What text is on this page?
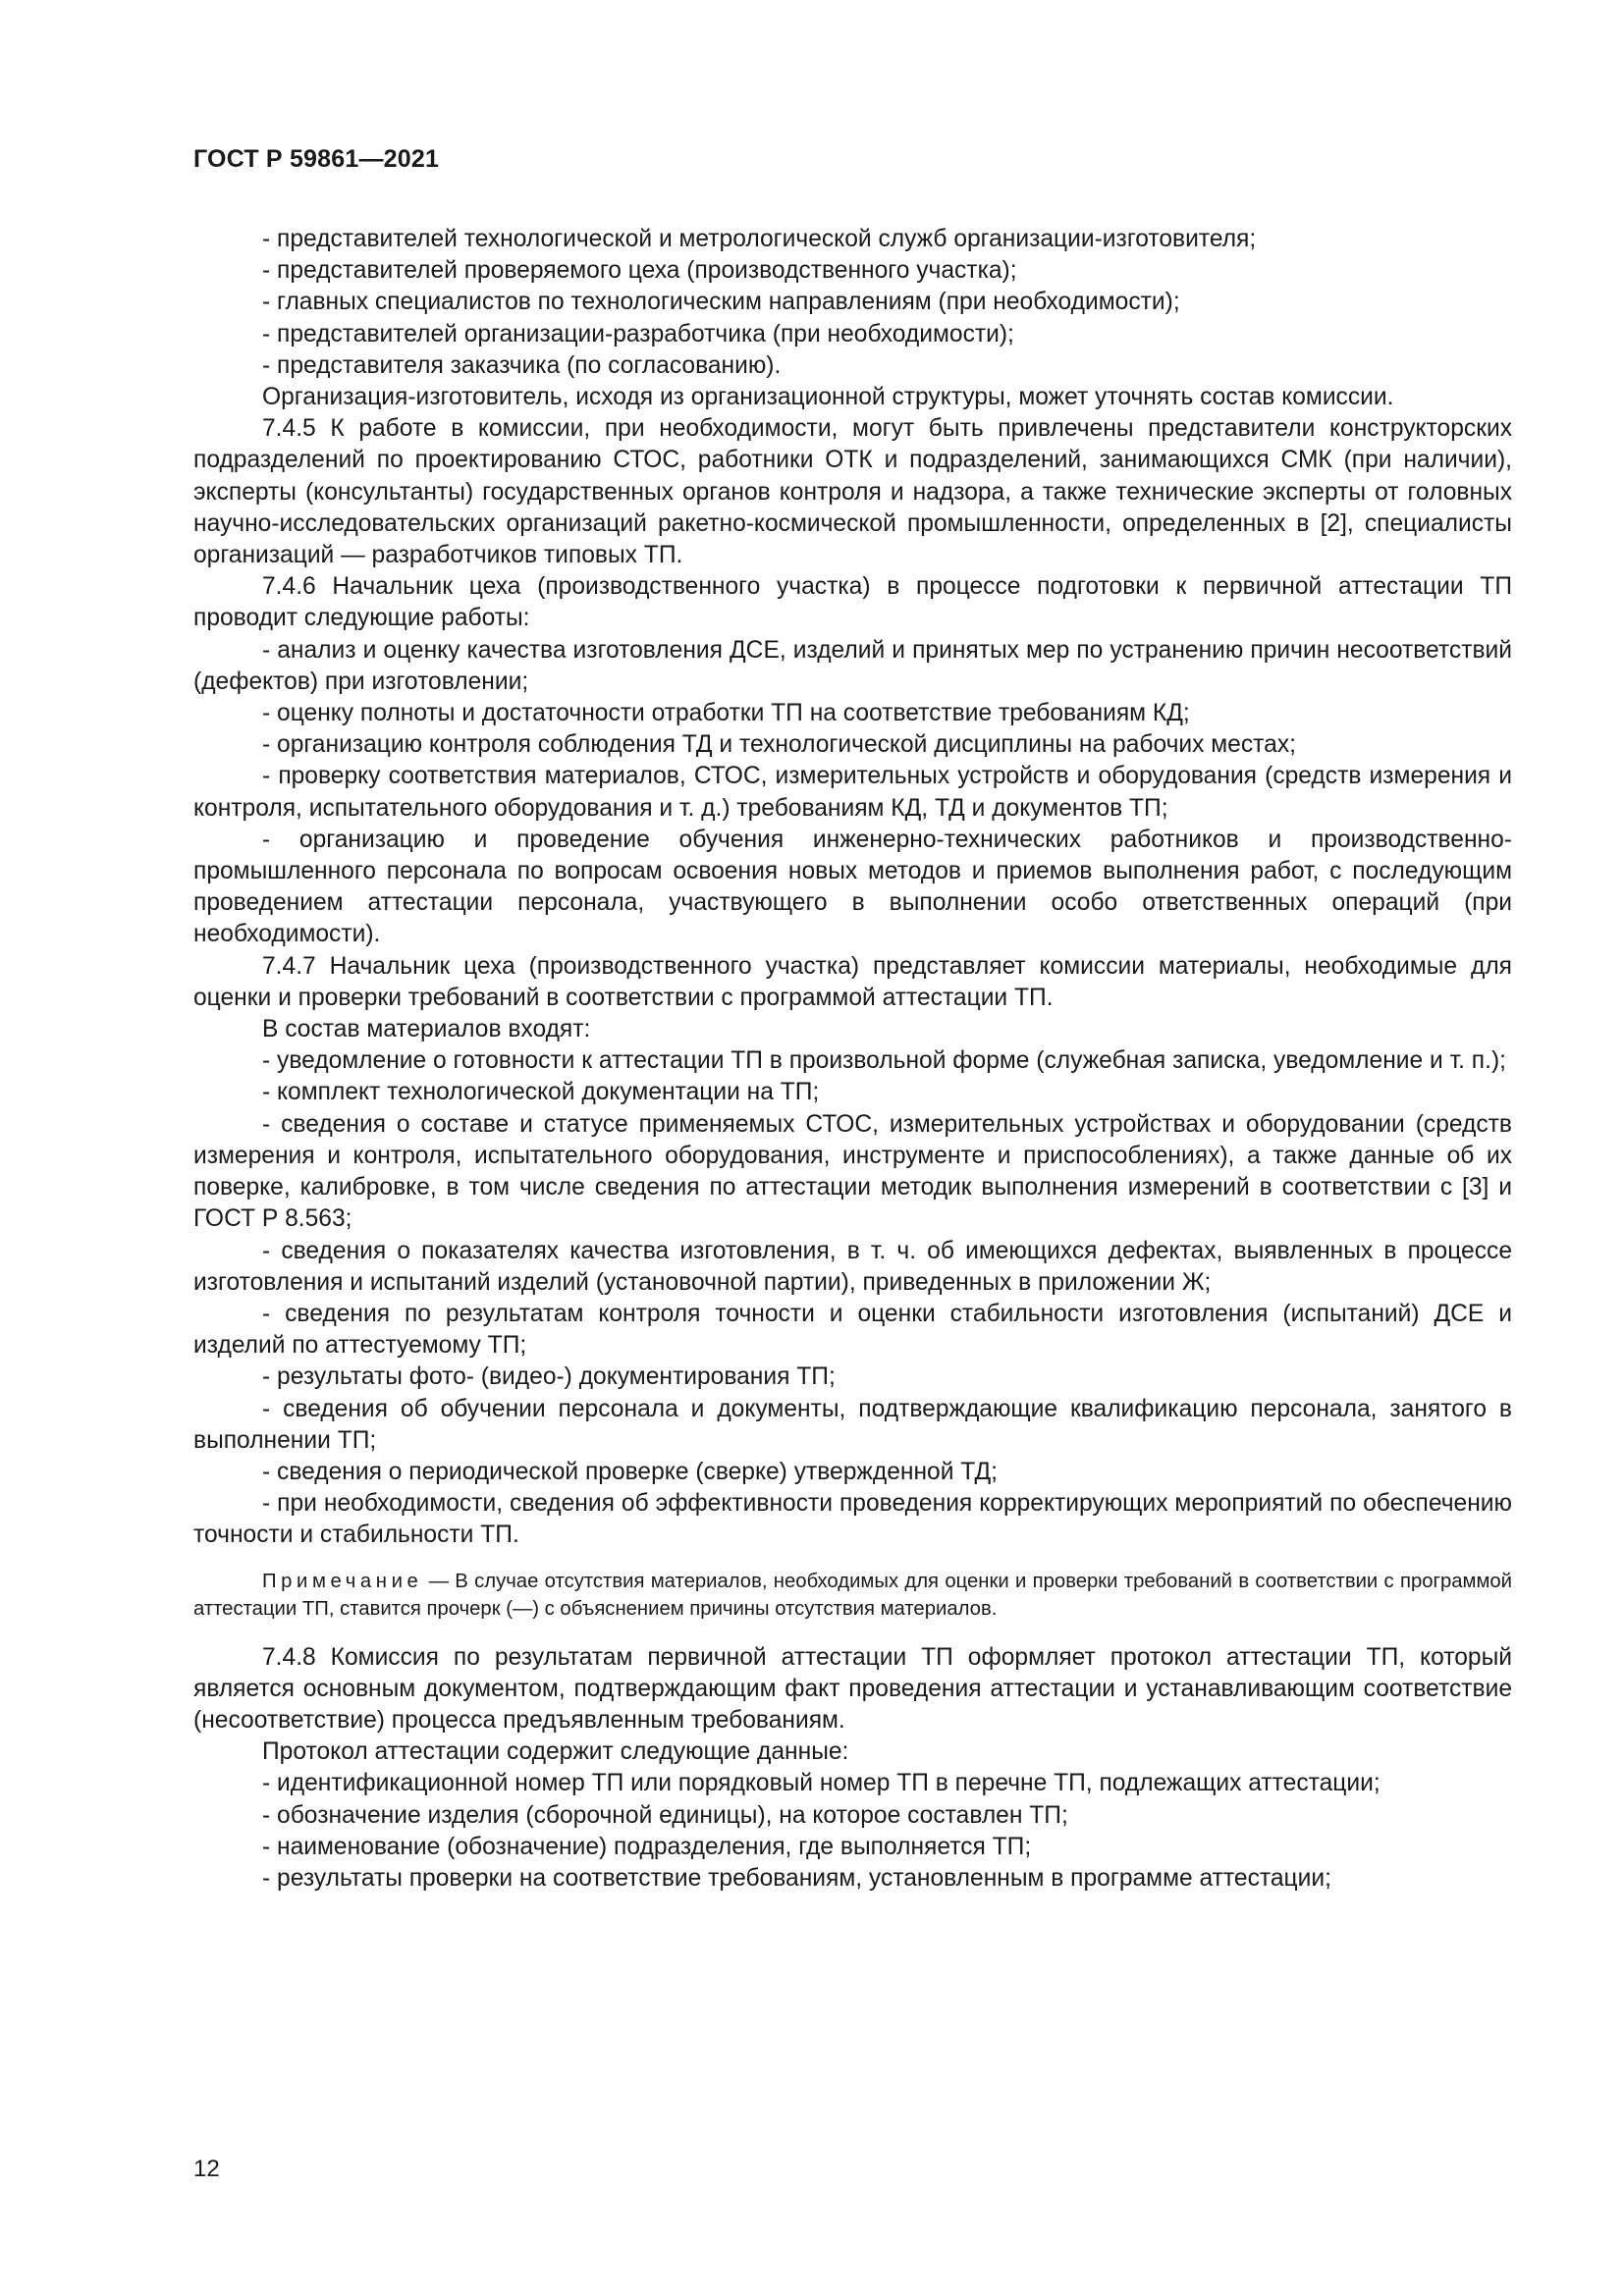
ГОСТ Р 59861—2021

- представителей технологической и метрологической служб организации-изготовителя;

- представителей проверяемого цеха (производственного участка);

- главных специалистов по технологическим направлениям (при необходимости);

- представителей организации-разработчика (при необходимости);

- представителя заказчика (по согласованию).

Организация-изготовитель, исходя из организационной структуры, может уточнять состав комиссии.

7.4.5 К работе в комиссии, при необходимости, могут быть привлечены представители конструкторских подразделений по проектированию СТОС, работники ОТК и подразделений, занимающихся СМК (при наличии), эксперты (консультанты) государственных органов контроля и надзора, а также технические эксперты от головных научно-исследовательских организаций ракетно-космической промышленности, определенных в [2], специалисты организаций — разработчиков типовых ТП.

7.4.6 Начальник цеха (производственного участка) в процессе подготовки к первичной аттестации ТП проводит следующие работы:

- анализ и оценку качества изготовления ДСЕ, изделий и принятых мер по устранению причин несоответствий (дефектов) при изготовлении;

- оценку полноты и достаточности отработки ТП на соответствие требованиям КД;

- организацию контроля соблюдения ТД и технологической дисциплины на рабочих местах;

- проверку соответствия материалов, СТОС, измерительных устройств и оборудования (средств измерения и контроля, испытательного оборудования и т. д.) требованиям КД, ТД и документов ТП;

- организацию и проведение обучения инженерно-технических работников и производственно-промышленного персонала по вопросам освоения новых методов и приемов выполнения работ, с последующим проведением аттестации персонала, участвующего в выполнении особо ответственных операций (при необходимости).

7.4.7 Начальник цеха (производственного участка) представляет комиссии материалы, необходимые для оценки и проверки требований в соответствии с программой аттестации ТП.

В состав материалов входят:

- уведомление о готовности к аттестации ТП в произвольной форме (служебная записка, уведомление и т. п.);

- комплект технологической документации на ТП;

- сведения о составе и статусе применяемых СТОС, измерительных устройствах и оборудовании (средств измерения и контроля, испытательного оборудования, инструменте и приспособлениях), а также данные об их поверке, калибровке, в том числе сведения по аттестации методик выполнения измерений в соответствии с [3] и ГОСТ Р 8.563;

- сведения о показателях качества изготовления, в т. ч. об имеющихся дефектах, выявленных в процессе изготовления и испытаний изделий (установочной партии), приведенных в приложении Ж;

- сведения по результатам контроля точности и оценки стабильности изготовления (испытаний) ДСЕ и изделий по аттестуемому ТП;

- результаты фото- (видео-) документирования ТП;

- сведения об обучении персонала и документы, подтверждающие квалификацию персонала, занятого в выполнении ТП;

- сведения о периодической проверке (сверке) утвержденной ТД;

- при необходимости, сведения об эффективности проведения корректирующих мероприятий по обеспечению точности и стабильности ТП.

Примечание — В случае отсутствия материалов, необходимых для оценки и проверки требований в соответствии с программой аттестации ТП, ставится прочерк (—) с объяснением причины отсутствия материалов.

7.4.8 Комиссия по результатам первичной аттестации ТП оформляет протокол аттестации ТП, который является основным документом, подтверждающим факт проведения аттестации и устанавливающим соответствие (несоответствие) процесса предъявленным требованиям.

Протокол аттестации содержит следующие данные:

- идентификационной номер ТП или порядковый номер ТП в перечне ТП, подлежащих аттестации;

- обозначение изделия (сборочной единицы), на которое составлен ТП;

- наименование (обозначение) подразделения, где выполняется ТП;

- результаты проверки на соответствие требованиям, установленным в программе аттестации;

12
